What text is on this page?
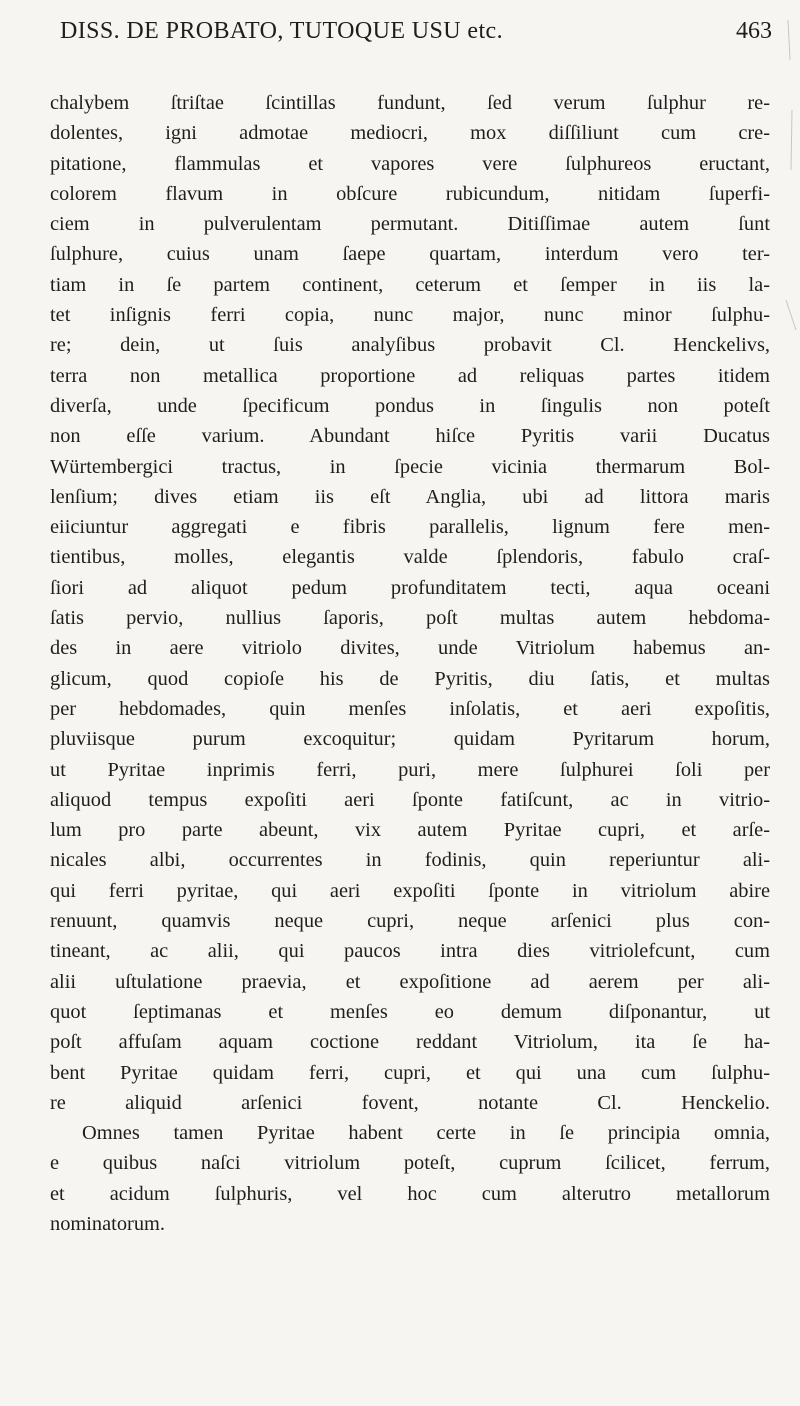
DISS. DE PROBATO, TUTOQUE USU etc.	463
chalybem ſtriſtae ſcintillas fundunt, ſed verum ſulphur re-
dolentes, igni admotae mediocri, mox diſſiliunt cum cre-
pitatione, flammulas et vapores vere ſulphureos eructant,
colorem flavum in obſcure rubicundum, nitidam ſuperfi-
ciem in pulverulentam permutant. Ditiſſimae autem ſunt
ſulphure, cuius unam ſaepe quartam, interdum vero ter-
tiam in ſe partem continent, ceterum et ſemper in iis la-
tet inſignis ferri copia, nunc major, nunc minor ſulphu-
re; dein, ut ſuis analyſibus probavit Cl. Henckelivs,
terra non metallica proportione ad reliquas partes itidem
diverſa, unde ſpecificum pondus in ſingulis non poteſt
non eſſe varium. Abundant hiſce Pyritis varii Ducatus
Würtembergici tractus, in ſpecie vicinia thermarum Bol-
lenſium; dives etiam iis eſt Anglia, ubi ad littora maris
eiiciuntur aggregati e fibris parallelis, lignum fere men-
tientibus, molles, elegantis valde ſplendoris, fabulo craſ-
ſiori ad aliquot pedum profunditatem tecti, aqua oceani
ſatis pervio, nullius ſaporis, poſt multas autem hebdoma-
des in aere vitriolo divites, unde Vitriolum habemus an-
glicum, quod copioſe his de Pyritis, diu ſatis, et multas
per hebdomades, quin menſes inſolatis, et aeri expoſitis,
pluviisque purum excoquitur; quidam Pyritarum horum,
ut Pyritae inprimis ferri, puri, mere ſulphurei ſoli per
aliquod tempus expoſiti aeri ſponte fatiſcunt, ac in vitrio-
lum pro parte abeunt, vix autem Pyritae cupri, et arſe-
nicales albi, occurrentes in fodinis, quin reperiuntur ali-
qui ferri pyritae, qui aeri expoſiti ſponte in vitriolum abire
renuunt, quamvis neque cupri, neque arſenici plus con-
tineant, ac alii, qui paucos intra dies vitriolefcunt, cum
alii uſtulatione praevia, et expoſitione ad aerem per ali-
quot ſeptimanas et menſes eo demum diſponantur, ut
poſt affuſam aquam coctione reddant Vitriolum, ita ſe ha-
bent Pyritae quidam ferri, cupri, et qui una cum ſulphu-
re aliquid arſenici fovent, notante Cl. Henckelio.
Omnes tamen Pyritae habent certe in ſe principia omnia,
e quibus naſci vitriolum poteſt, cuprum ſcilicet, ferrum,
et acidum ſulphuris, vel hoc cum alterutro metallorum
nominatorum.
